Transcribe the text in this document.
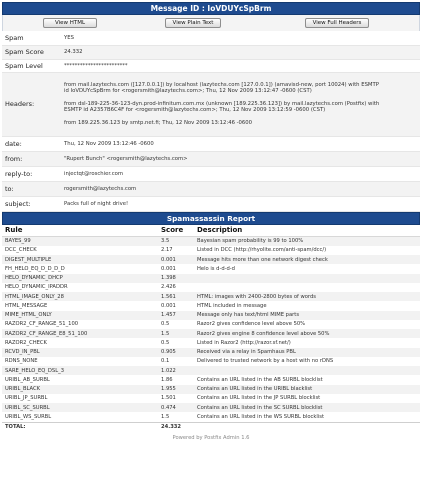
Message ID : IoVDUYcSpBrm
View HTML	View Plain Text	View Full Headers
Spam	YES
Spam Score	24.332
Spam Level	************************
Headers:	from mail.lazytechs.com ([127.0.0.1]) by localhost (lazytechs.com [127.0.0.1]) (amavisd-new, port 10024) with ESMTP
id IoVDUYcSpBrm for <rogersmith@lazytechs.com>; Thu, 12 Nov 2009 13:12:47 -0600 (CST)
from dsl-189-225-36-123-dyn.prod-infinitum.com.mx (unknown [189.225.36.123]) by mail.lazytechs.com (Postfix) with
ESMTP id A2357B6C4F for <rogersmith@lazytechs.com>; Thu, 12 Nov 2009 13:12:59 -0600 (CST)
from 189.225.36.123 by smtp.net.fi; Thu, 12 Nov 2009 13:12:46 -0600

date:	Thu, 12 Nov 2009 13:12:46 -0600
from:	"Rupert Bunch" <rogersmith@lazytechs.com>
reply-to:	injectqt@roschier.com
to:	rogersmith@lazytechs.com
subject:	Packs full of night drive!
Spamassassin Report
Rule	Score	Description
BAYES_99	3.5	Bayesian spam probability is 99 to 100%
DCC_CHECK	2.17	Listed in DCC (http://rhyolite.com/anti-spam/dcc/)
DIGEST_MULTIPLE	0.001	Message hits more than one network digest check
FH_HELO_EQ_D_D_D_D	0.001	Helo is d-d-d-d
HELO_DYNAMIC_DHCP	1.398	
HELO_DYNAMIC_IPADDR	2.426	
HTML_IMAGE_ONLY_28	1.561	HTML: images with 2400-2800 bytes of words
HTML_MESSAGE	0.001	HTML included in message
MIME_HTML_ONLY	1.457	Message only has text/html MIME parts
RAZOR2_CF_RANGE_51_100	0.5	Razor2 gives confidence level above 50%
RAZOR2_CF_RANGE_E8_51_100	1.5	Razor2 gives engine 8 confidence level above 50%
RAZOR2_CHECK	0.5	Listed in Razor2 (http://razor.sf.net/)
RCVD_IN_PBL	0.905	Received via a relay in Spamhaus PBL
RDNS_NONE	0.1	Delivered to trusted network by a host with no rDNS
SARE_HELO_EQ_DSL_3	1.022	
URIBL_AB_SURBL	1.86	Contains an URL listed in the AB SURBL blocklist
URIBL_BLACK	1.955	Contains an URL listed in the URIBL blacklist
URIBL_JP_SURBL	1.501	Contains an URL listed in the JP SURBL blocklist
URIBL_SC_SURBL	0.474	Contains an URL listed in the SC SURBL blocklist
URIBL_WS_SURBL	1.5	Contains an URL listed in the WS SURBL blocklist
TOTAL:	24.332	
Powered by Postfix Admin 1.6
